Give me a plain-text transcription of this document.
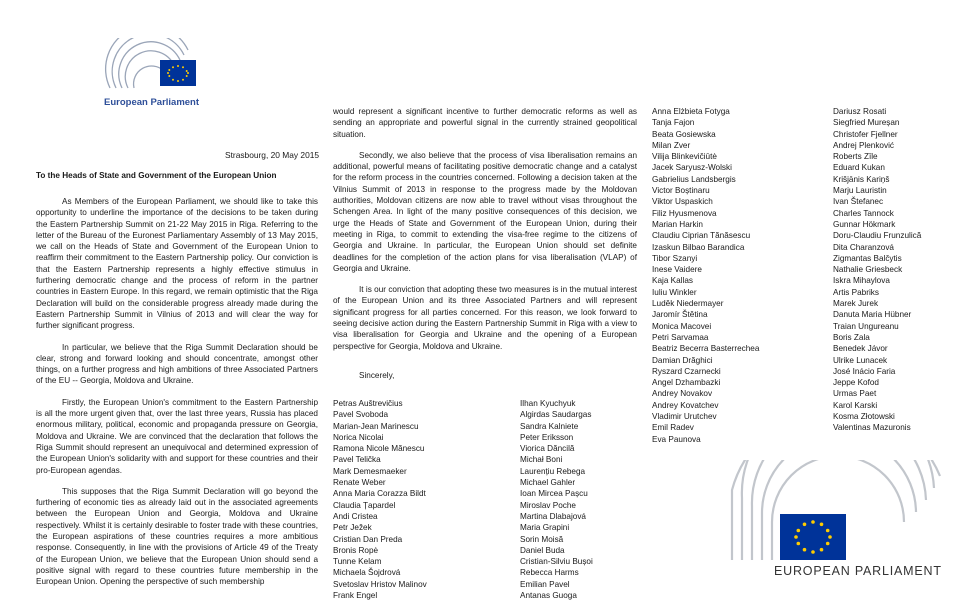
European Parliament
Strasbourg, 20 May 2015
To the Heads of State and Government of the European Union

As Members of the European Parliament, we should like to take this opportunity to underline the importance of the decisions to be taken during the Eastern Partnership Summit on 21-22 May 2015 in Riga. Referring to the letter of the Bureau of the Euronest Parliamentary Assembly of 13 May 2015, we call on the Heads of State and Government of the European Union to reaffirm their commitment to the Eastern Partnership policy. Our conviction is that the Eastern Partnership represents a highly effective stimulus in furthering democratic change and the process of reform in the partner countries in Eastern Europe. In this regard, we remain optimistic that the Riga Declaration will build on the considerable progress already made during the Eastern Partnership Summit in Vilnius of 2013 and will clear the way for further significant progress.

In particular, we believe that the Riga Summit Declaration should be clear, strong and forward looking and should concentrate, amongst other things, on a further progress and high ambitions of three Associated Partners of the EU -- Georgia, Moldova and Ukraine.

Firstly, the European Union's commitment to the Eastern Partnership is all the more urgent given that, over the last three years, Russia has placed enormous military, political, economic and propaganda pressure on Georgia, Moldova and Ukraine. We are convinced that the declaration that follows the Riga Summit should represent an unequivocal and determined expression of the European Union's solidarity with and support for these countries and their pro-European agendas.

This supposes that the Riga Summit Declaration will go beyond the furthering of economic ties as already laid out in the associated agreements between the European Union and Georgia, Moldova and Ukraine respectively. Whilst it is certainly desirable to foster trade with these countries, the European aspirations of these countries requires a more ambitious response. Consequently, in line with the provisions of Article 49 of the Treaty of the European Union, we believe that the European Union should send a positive signal with regard to these countries future membership in the European Union. Opening the perspective of such membership

would represent a significant incentive to further democratic reforms as well as sending an appropriate and powerful signal in the currently strained geopolitical situation.

Secondly, we also believe that the process of visa liberalisation remains an additional, powerful means of facilitating positive democratic change and a catalyst for the reform process in the countries concerned. Following a decision taken at the Vilnius Summit of 2013 in response to the progress made by the Moldovan authorities, Moldovan citizens are now able to travel without visas throughout the Schengen Area. In light of the many positive consequences of this decision, we urge the Heads of State and Government of the European Union, during their meeting in Riga, to commit to extending the visa-free regime to the citizens of Georgia and Ukraine. In particular, the European Union should set definite deadlines for the completion of the action plans for visa liberalisation (VLAP) of Georgia and Ukraine.

It is our conviction that adopting these two measures is in the mutual interest of the European Union and its three Associated Partners and will represent significant progress for all parties concerned. For this reason, we look forward to seeing decisive action during the Eastern Partnership Summit in Riga with a view to visa liberalisation for Georgia and Ukraine and the opening of a European perspective for Georgia, Moldova and Ukraine.

Sincerely,

Petras Auštrevičius
Pavel Svoboda
Marian-Jean Marinescu
Norica Nicolai
Ramona Nicole Mănescu
Pavel Telička
Mark Demesmaeker
Renate Weber
Anna Maria Corazza Bildt
Claudia Țapardel
Andi Cristea
Petr Ježek
Cristian Dan Preda
Bronis Ropė
Tunne Kelam
Michaela Šojdrová
Svetoslav Hristov Malinov
Frank Engel
Ilhan Kyuchyuk
Algirdas Saudargas
Sandra Kalniete
Peter Eriksson
Viorica Dăncilă
Michał Boni
Laurențiu Rebega
Michael Gahler
Ioan Mircea Pașcu
Miroslav Poche
Martina Dlabajová
Maria Grapini
Sorin Moisă
Daniel Buda
Cristian-Silviu Bușoi
Rebecca Harms
Emilian Pavel
Antanas Guoga
Anna Elżbieta Fotyga
Tanja Fajon
Beata Gosiewska
Milan Zver
Vilija Blinkevičiūtė
Jacek Saryusz-Wolski
Gabrielius Landsbergis
Victor Boștinaru
Viktor Uspaskich
Filiz Hyusmenova
Marian Harkin
Claudiu Ciprian Tănăsescu
Izaskun Bilbao Barandica
Tibor Szanyi
Inese Vaidere
Kaja Kallas
Iuliu Winkler
Luděk Niedermayer
Jaromír Štětina
Monica Macovei
Petri Sarvamaa
Beatriz Becerra Basterrechea
Damian Drăghici
Ryszard Czarnecki
Angel Dzhambazki
Andrey Novakov
Andrey Kovatchev
Vladimir Urutchev
Emil Radev
Eva Paunova
Dariusz Rosati
Siegfried Mureșan
Christofer Fjellner
Andrej Plenković
Roberts Zīle
Eduard Kukan
Krišjānis Kariņš
Marju Lauristin
Ivan Štefanec
Charles Tannock
Gunnar Hökmark
Doru-Claudiu Frunzulică
Dita Charanzová
Zigmantas Balčytis
Nathalie Griesbeck
Iskra Mihaylova
Artis Pabriks
Marek Jurek
Danuta Maria Hübner
Traian Ungureanu
Boris Zala
Benedek Jávor
Ulrike Lunacek
José Inácio Faria
Jeppe Kofod
Urmas Paet
Karol Karski
Kosma Złotowski
Valentinas Mazuronis
EUROPEAN PARLIAMENT
